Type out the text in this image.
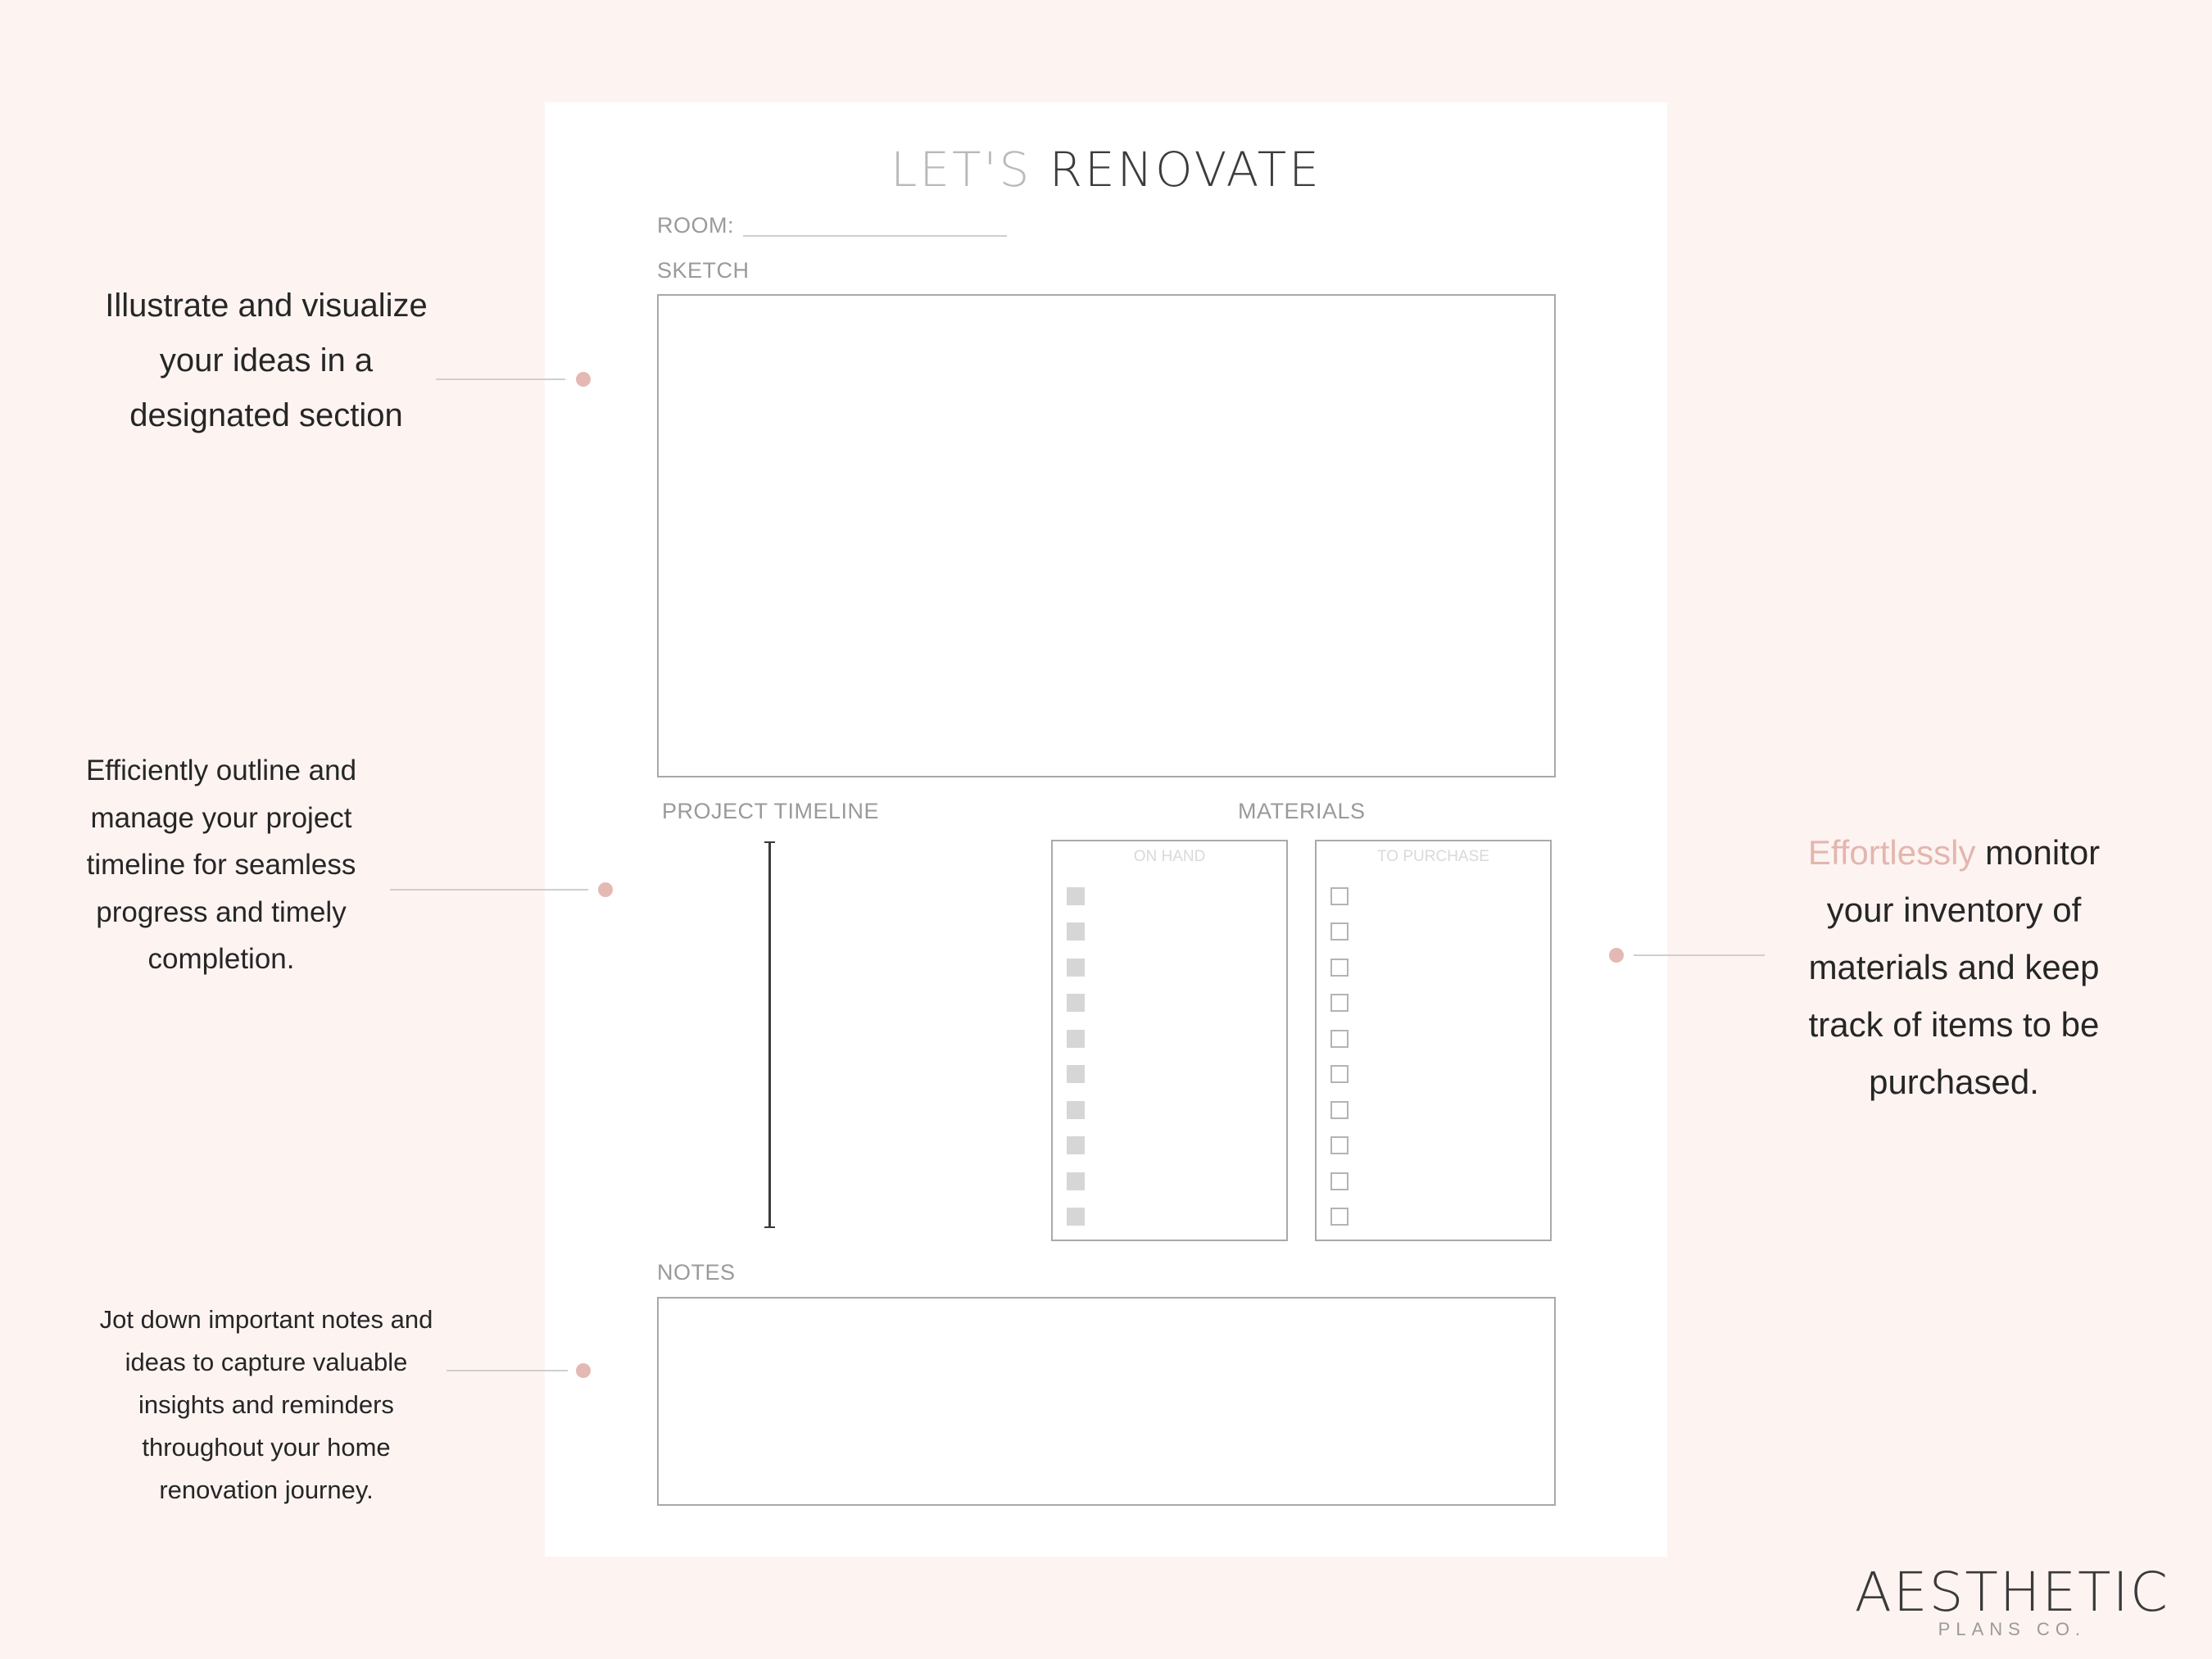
LET'S RENOVATE
ROOM:
SKETCH
PROJECT TIMELINE	MATERIALS
ON HAND	TO PURCHASE
NOTES
Illustrate and visualize your ideas in a designated section
Efficiently outline and manage your project timeline for seamless progress and timely completion.
Effortlessly monitor your inventory of materials and keep track of items to be purchased.
Jot down important notes and ideas to capture valuable insights and reminders throughout your home renovation journey.
AESTHETIC
PLANS CO.
